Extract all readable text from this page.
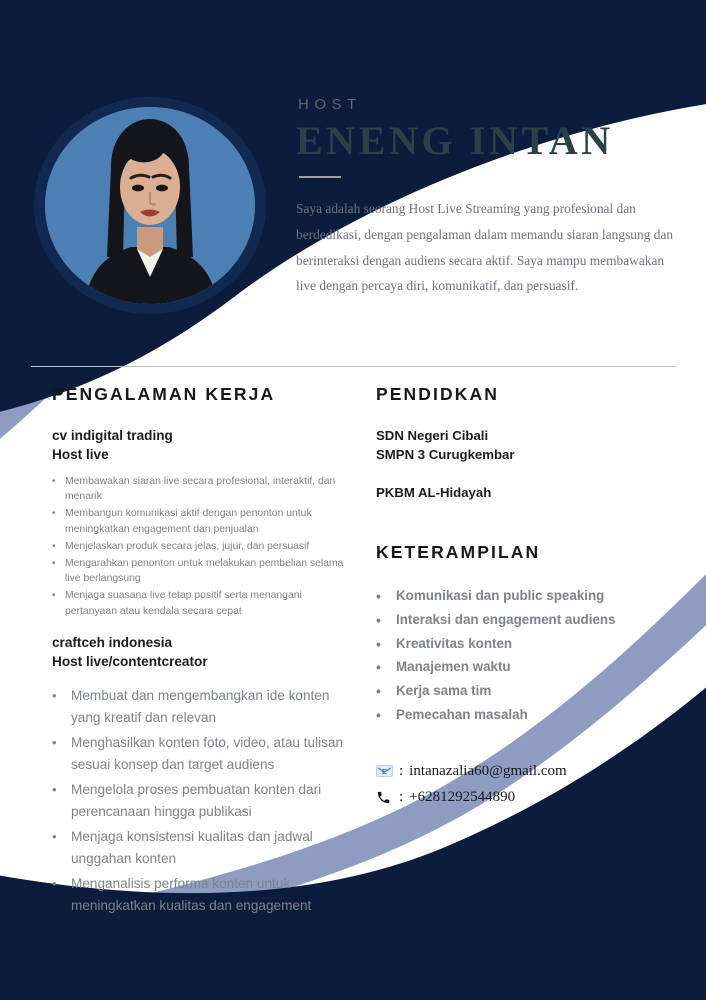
HOST
ENENG INTAN

Saya adalah seorang Host Live Streaming yang profesional dan berdedikasi, dengan pengalaman dalam memandu siaran langsung dan berinteraksi dengan audiens secara aktif. Saya mampu membawakan live dengan percaya diri, komunikatif, dan persuasif.

PENGALAMAN KERJA
cv indigital trading
Host live
• Membawakan siaran live secara profesional, interaktif, dan menarik
• Membangun komunikasi aktif dengan penonton untuk meningkatkan engagement dan penjualan
• Menjelaskan produk secara jelas, jujur, dan persuasif
• Mengarahkan penonton untuk melakukan pembelian selama live berlangsung
• Menjaga suasana live tetap positif serta menangani pertanyaan atau kendala secara cepat
craftceh indonesia
Host live/contentcreator
• Membuat dan mengembangkan ide konten yang kreatif dan relevan
• Menghasilkan konten foto, video, atau tulisan sesuai konsep dan target audiens
• Mengelola proses pembuatan konten dari perencanaan hingga publikasi
• Menjaga konsistensi kualitas dan jadwal unggahan konten
• Menganalisis performa konten untuk meningkatkan kualitas dan engagement
PENDIDKAN
SDN Negeri Cibali
SMPN 3 Curugkembar
PKBM AL-Hidayah
KETERAMPILAN
• Komunikasi dan public speaking
• Interaksi dan engagement audiens
• Kreativitas konten
• Manajemen waktu
• Kerja sama tim
• Pemecahan masalah
E : intanazalia60@gmail.com
: +6281292544890
